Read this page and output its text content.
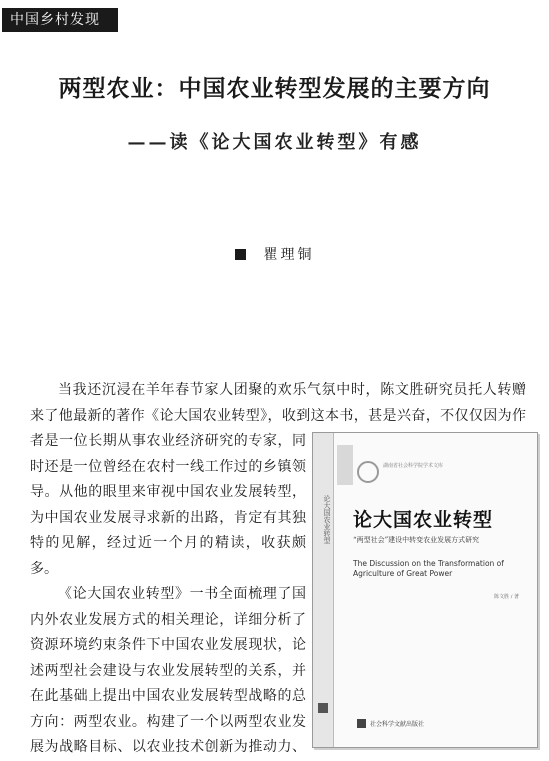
中国乡村发现
两型农业：中国农业转型发展的主要方向
——读《论大国农业转型》有感
瞿理铜

当我还沉浸在羊年春节家人团聚的欢乐气氛中时，陈文胜研究员托人转赠
来了他最新的著作《论大国农业转型》，收到这本书，甚是兴奋，不仅仅因为作
者是一位长期从事农业经济研究的专家，同
时还是一位曾经在农村一线工作过的乡镇领
导。从他的眼里来审视中国农业发展转型，
为中国农业发展寻求新的出路，肯定有其独
特的见解，经过近一个月的精读，收获颇
多。

《论大国农业转型》一书全面梳理了国
内外农业发展方式的相关理论，详细分析了
资源环境约束条件下中国农业发展现状，论
述两型社会建设与农业发展转型的关系，并
在此基础上提出中国农业发展转型战略的总
方向：两型农业。构建了一个以两型农业发
展为战略目标、以农业技术创新为推动力、

论大国农业转型
湖南省社会科学院学术文库
论大国农业转型
“两型社会”建设中转变农业发展方式研究
The Discussion on the Transformation of
Agriculture of Great Power
陈文胜 / 著
社会科学文献出版社
